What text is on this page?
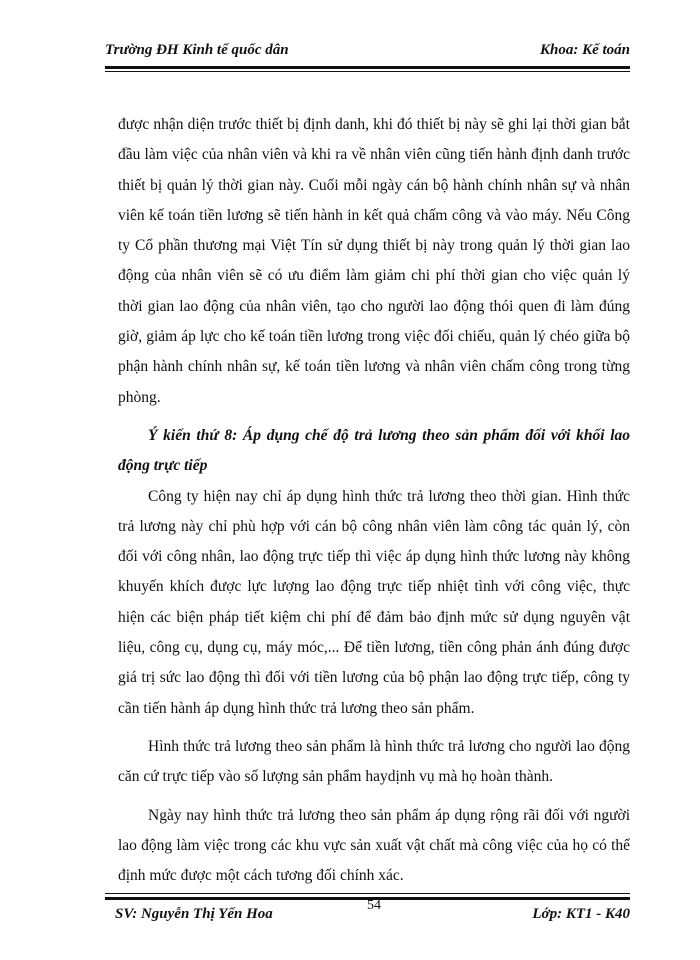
Trường ĐH Kinh tế quốc dân	Khoa: Kế toán

được nhận diện trước thiết bị định danh, khi đó thiết bị này sẽ ghi lại thời gian bắt đầu làm việc của nhân viên và khi ra về nhân viên cũng tiến hành định danh trước thiết bị quản lý thời gian này. Cuối mỗi ngày cán bộ hành chính nhân sự và nhân viên kế toán tiền lương sẽ tiến hành in kết quả chấm công và vào máy. Nếu Công ty Cổ phần thương mại Việt Tín sử dụng thiết bị này trong quản lý thời gian lao động của nhân viên sẽ có ưu điểm làm giảm chi phí thời gian cho việc quản lý thời gian lao động của nhân viên, tạo cho người lao động thói quen đi làm đúng giờ, giảm áp lực cho kế toán tiền lương trong việc đối chiếu, quản lý chéo giữa bộ phận hành chính nhân sự, kế toán tiền lương và nhân viên chấm công trong từng phòng.

Ý kiến thứ 8: Áp dụng chế độ trả lương theo sản phẩm đối với khối lao động trực tiếp

Công ty hiện nay chỉ áp dụng hình thức trả lương theo thời gian. Hình thức trả lương này chỉ phù hợp với cán bộ công nhân viên làm công tác quản lý, còn đối với công nhân, lao động trực tiếp thì việc áp dụng hình thức lương này không khuyến khích được lực lượng lao động trực tiếp nhiệt tình với công việc, thực hiện các biện pháp tiết kiệm chi phí để đảm bảo định mức sử dụng nguyên vật liệu, công cụ, dụng cụ, máy móc,... Để tiền lương, tiền công phản ánh đúng được giá trị sức lao động thì đối với tiền lương của bộ phận lao động trực tiếp, công ty cần tiến hành áp dụng hình thức trả lương theo sản phẩm.

Hình thức trả lương theo sản phẩm là hình thức trả lương cho người lao động căn cứ trực tiếp vào số lượng sản phẩm haydịnh vụ mà họ hoàn thành.

Ngày nay hình thức trả lương theo sản phẩm áp dụng rộng rãi đối với người lao động làm việc trong các khu vực sản xuất vật chất mà công việc của họ có thể định mức được một cách tương đối chính xác.

SV: Nguyễn Thị Yến Hoa
54
Lớp: KT1 - K40
